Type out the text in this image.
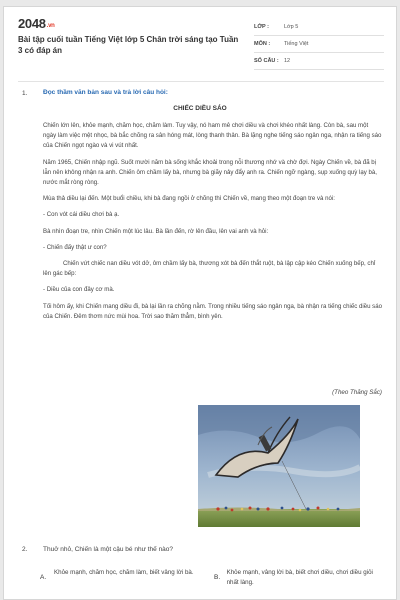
2048.vn
Bài tập cuối tuần Tiếng Việt lớp 5 Chân trời sáng tạo Tuần 3 có đáp án
LỚP :	Lớp 5
MÔN :	Tiếng Việt
SỐ CÂU : 12
1. Đọc thầm văn bản sau và trả lời câu hỏi:
CHIẾC DIỀU SÁO

Chiến lớn lên, khỏe mạnh, chăm học, chăm làm. Tuy vậy, nó ham mê chơi diều và chơi khéo nhất làng. Còn bà, sau một ngày làm việc mệt nhọc, bà bắc chõng ra sân hóng mát, lòng thanh thản. Bà lặng nghe tiếng sáo ngân nga, nhận ra tiếng sáo của Chiến ngọt ngào và vi vút nhất.

Năm 1965, Chiến nhập ngũ. Suốt mười năm bà sống khắc khoải trong nỗi thương nhớ và chờ đợi. Ngày Chiến về, bà đã bị lẫn nên không nhận ra anh. Chiến ôm chầm lấy bà, nhưng bà giãy nảy đẩy anh ra. Chiến ngỡ ngàng, sụp xuống quỳ lạy bà, nước mắt ròng ròng.

Mùa thả diều lại đến. Một buổi chiều, khi bà đang ngồi ở chõng thì Chiến về, mang theo một đoạn tre và nói:

- Con vót cái diều chơi bà ạ.

Bà nhìn đoạn tre, nhìn Chiến một lúc lâu. Bà lần đến, rờ lên đầu, lên vai anh và hỏi:

- Chiến đấy thật ư con?

Chiến vứt chiếc nan diều vót dở, ôm chầm lấy bà, thương xót bà đến thắt ruột, bà lập cập kéo Chiến xuống bếp, chỉ lên gác bếp:

- Diều của con đây cơ mà.

Tối hôm ấy, khi Chiến mang diều đi, bà lại lần ra chõng nằm. Trong nhiều tiếng sáo ngân nga, bà nhận ra tiếng chiếc diều sáo của Chiến. Đêm thơm nức mùi hoa. Trời sao thăm thẳm, bình yên.

(Theo Thăng Sắc)
2. Thuở nhỏ, Chiến là một cậu bé như thế nào?
A.
Khỏe mạnh, chăm học, chăm làm, biết vâng lời bà.
B.
Khỏe mạnh, vâng lời bà, biết chơi diều, chơi diều giỏi nhất làng.
